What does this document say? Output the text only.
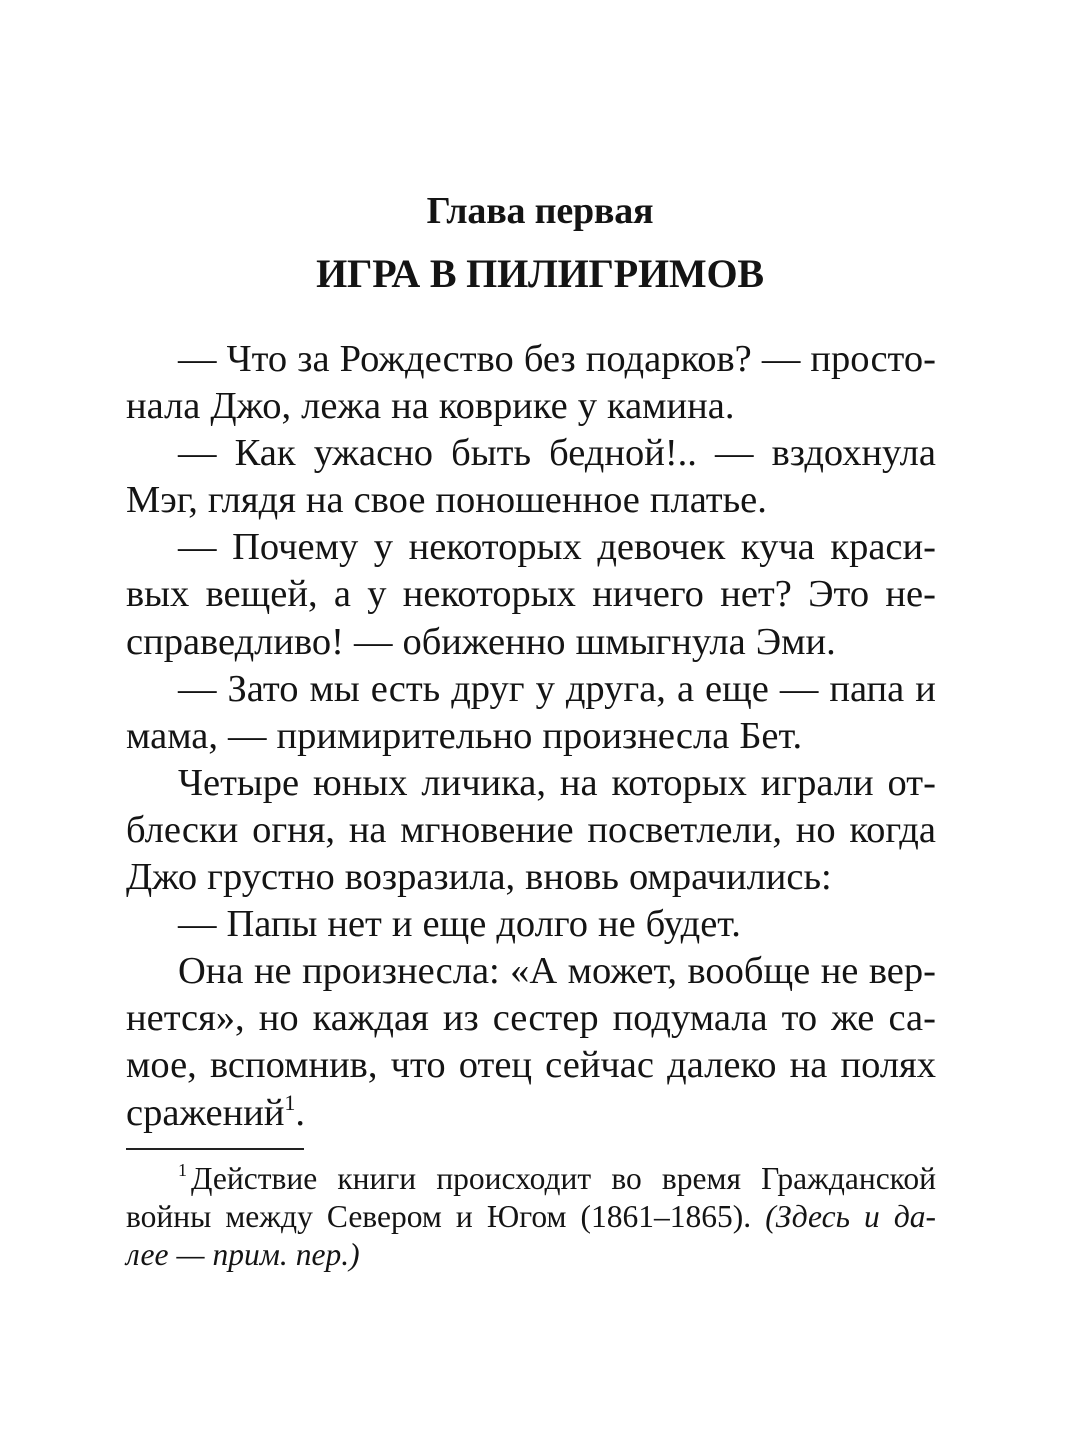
Глава первая
ИГРА В ПИЛИГРИМОВ
— Что за Рождество без подарков? — просто-
нала Джо, лежа на коврике у камина.
— Как ужасно быть бедной!.. — вздохнула
Мэг, глядя на свое поношенное платье.
— Почему у некоторых девочек куча краси-
вых вещей, а у некоторых ничего нет? Это не-
справедливо! — обиженно шмыгнула Эми.
— Зато мы есть друг у друга, а еще — папа и
мама, — примирительно произнесла Бет.
Четыре юных личика, на которых играли от-
блески огня, на мгновение посветлели, но когда
Джо грустно возразила, вновь омрачились:
— Папы нет и еще долго не будет.
Она не произнесла: «А может, вообще не вер-
нется», но каждая из сестер подумала то же са-
мое, вспомнив, что отец сейчас далеко на полях
сражений$^1$.
$^1$ Действие книги происходит во время Гражданской
войны между Севером и Югом (1861–1865). (Здесь и да-
лее — прим. пер.)
